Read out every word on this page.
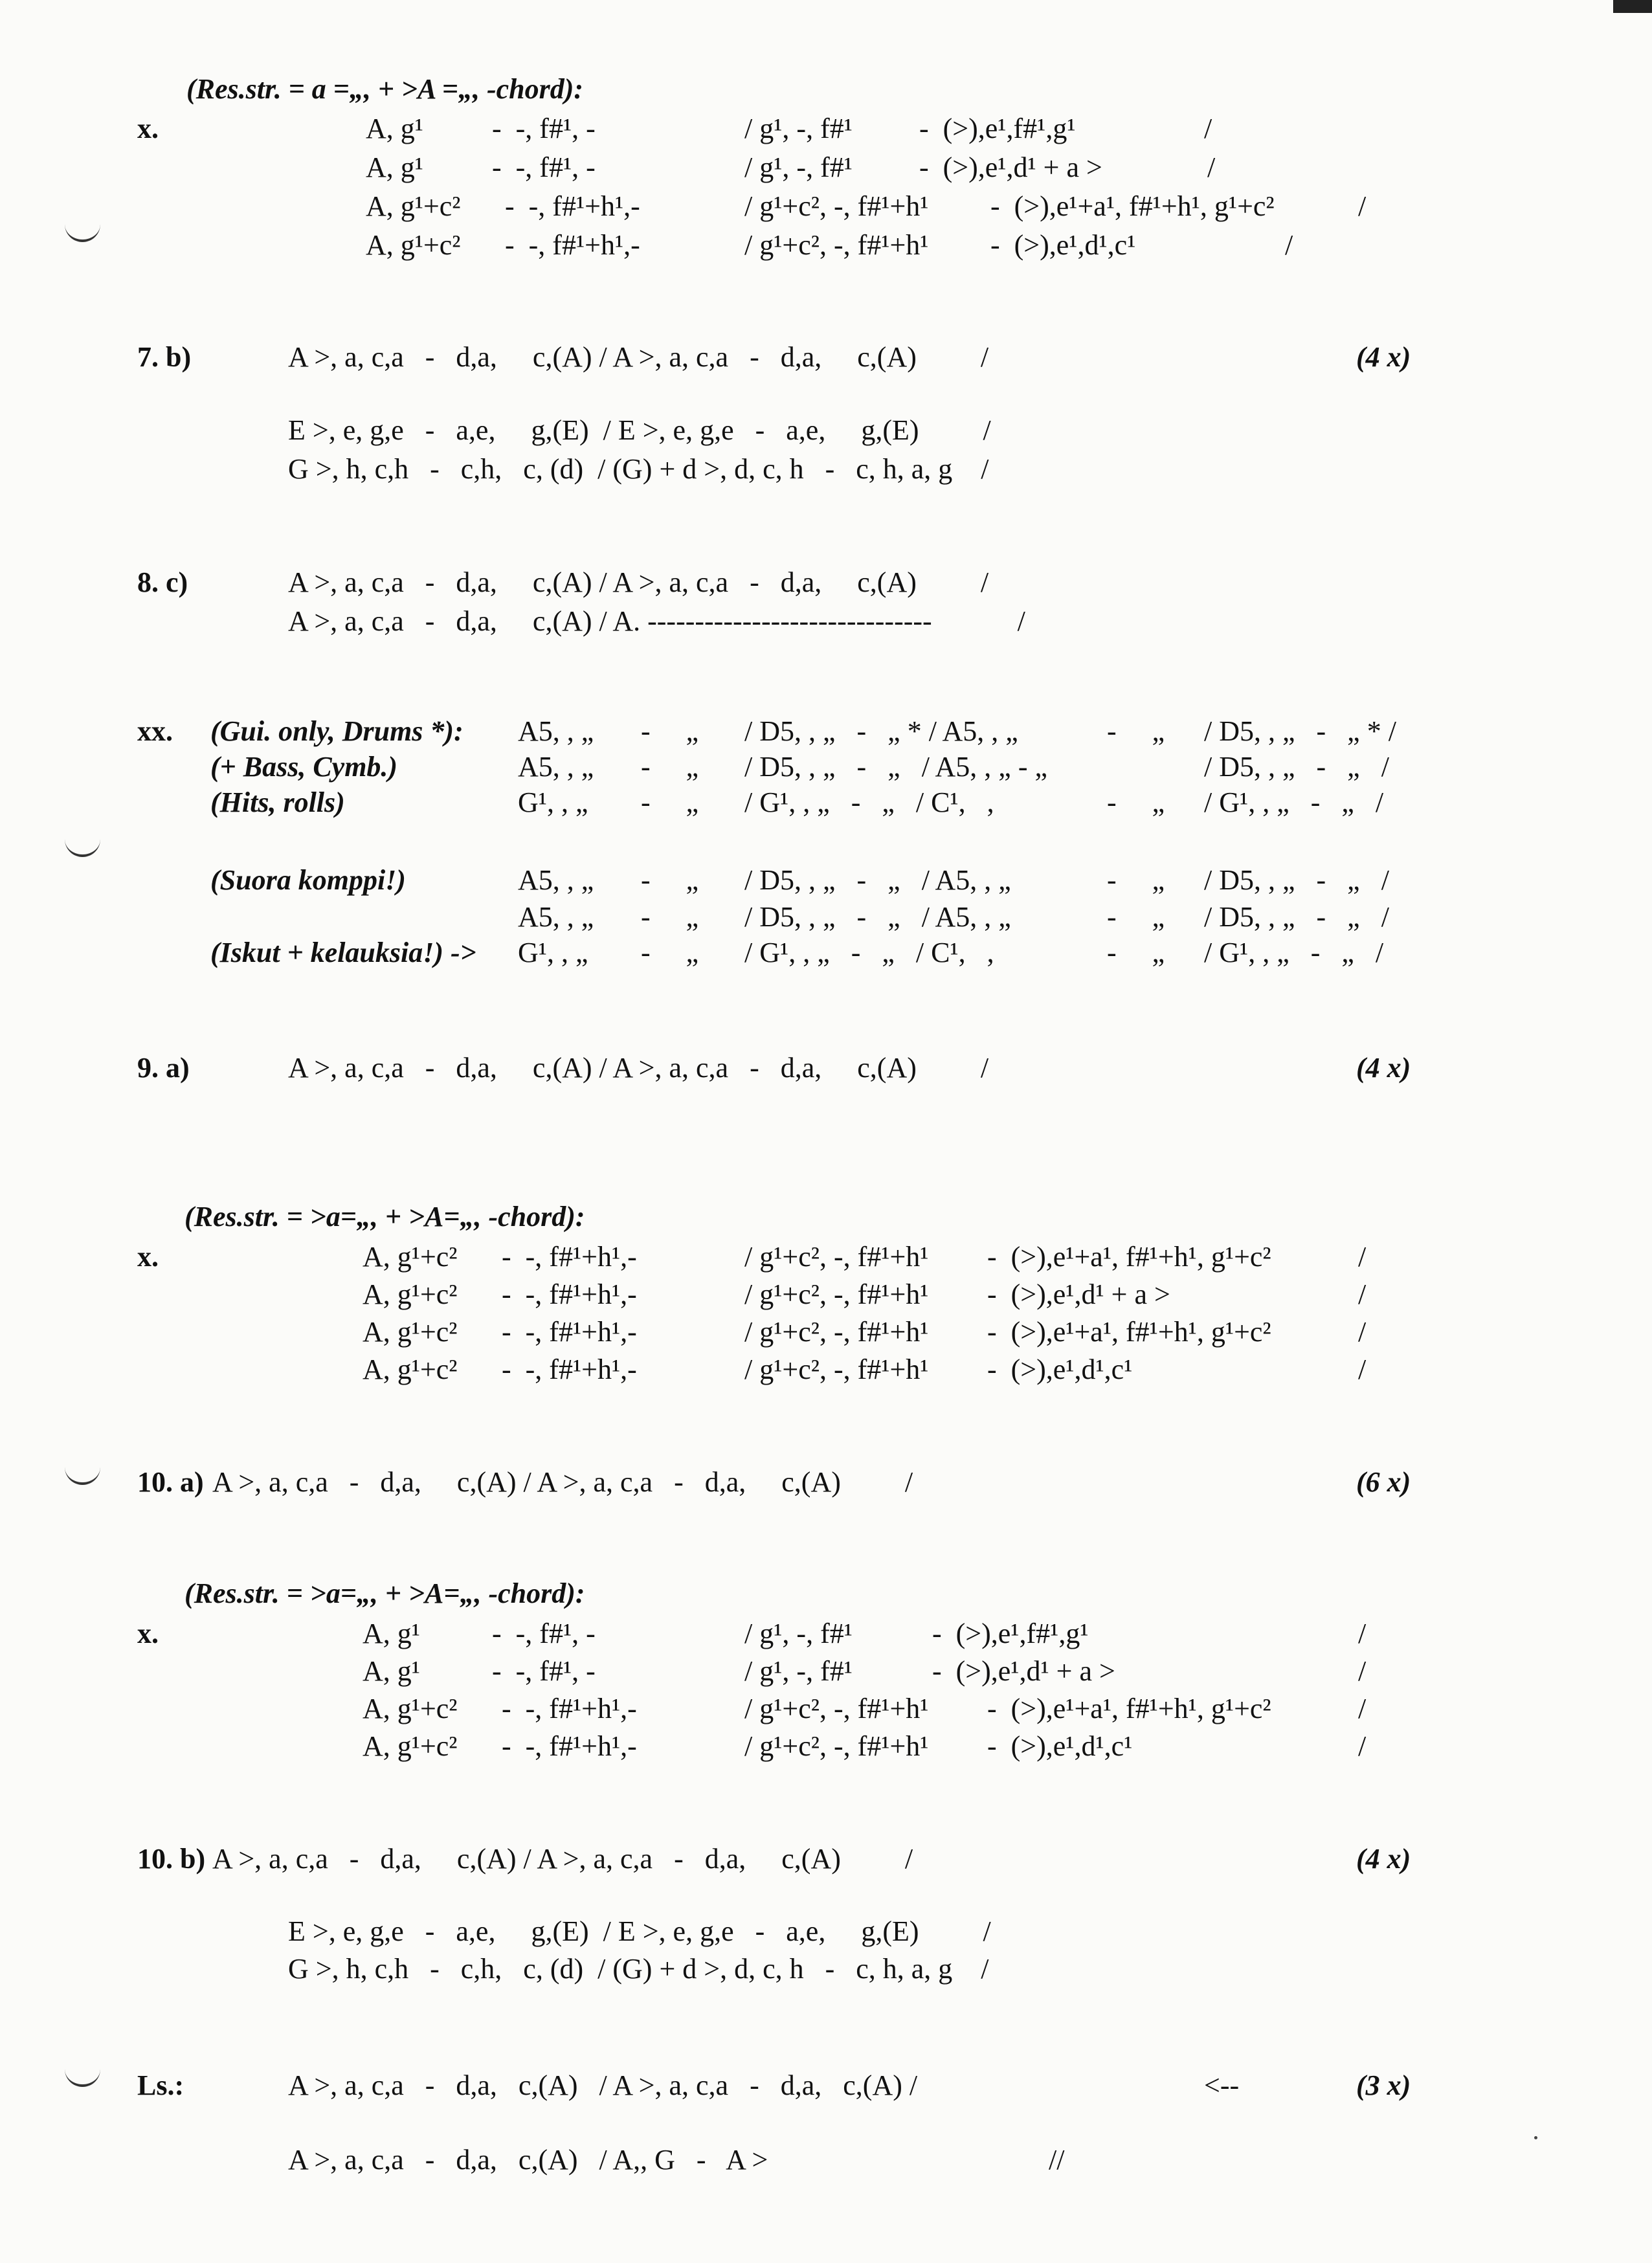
(Res.str. = a =„, + >A =„, -chord):
x.	A, g¹ -  -, f#¹, -	/ g¹, -, f#¹ -  (>),e¹,f#¹,g¹	/
A, g¹ -  -, f#¹, -	/ g¹, -, f#¹ -  (>),e¹,d¹ + a >	/
A, g¹+c² -  -, f#¹+h¹,-	/ g¹+c², -, f#¹+h¹ -  (>),e¹+a¹, f#¹+h¹, g¹+c²	/
A, g¹+c² -  -, f#¹+h¹,-	/ g¹+c², -, f#¹+h¹ -  (>),e¹,d¹,c¹	/
7. b)	A >, a, c,a   -   d,a,     c,(A) / A >, a, c,a   -   d,a,     c,(A)         /	(4 x)
E >, e, g,e   -   a,e,     g,(E)  / E >, e, g,e   -   a,e,     g,(E)         /
G >, h, c,h   -   c,h,   c, (d)  / (G) + d >, d, c, h   -   c, h, a, g    /
8. c)	A >, a, c,a   -   d,a,     c,(A) / A >, a, c,a   -   d,a,     c,(A)         /
A >, a, c,a   -   d,a,     c,(A) / A. ------------------------------            /
xx. (Gui. only, Drums *): A5, , „ -     „ / D5, , „   -   „ * / A5, , „	-     „ / D5, , „   -   „ * /
(+ Bass, Cymb.)	A5, , „ -     „ / D5, , „   -   „   / A5, , „ - „	/ D5, , „   -   „   /
(Hits, rolls)	G¹, , „ -     „ / G¹, , „   -   „   / C¹,   ,	-     „ / G¹, , „   -   „   /
(Suora komppi!)	A5, , „ -     „ / D5, , „   -   „   / A5, , „	-     „ / D5, , „   -   „   /
A5, , „ -     „ / D5, , „   -   „   / A5, , „	-     „ / D5, , „   -   „   /
(Iskut + kelauksia!) -> G¹, , „ -     „ / G¹, , „   -   „   / C¹,   ,	-     „ / G¹, , „   -   „   /
9. a)	A >, a, c,a   -   d,a,     c,(A) / A >, a, c,a   -   d,a,     c,(A)         /	(4 x)
(Res.str. = >a=„, + >A=„, -chord):
x.	A, g¹+c² -  -, f#¹+h¹,-	/ g¹+c², -, f#¹+h¹ -  (>),e¹+a¹, f#¹+h¹, g¹+c²	/
A, g¹+c² -  -, f#¹+h¹,-	/ g¹+c², -, f#¹+h¹ -  (>),e¹,d¹ + a >	/
A, g¹+c² -  -, f#¹+h¹,-	/ g¹+c², -, f#¹+h¹ -  (>),e¹+a¹, f#¹+h¹, g¹+c²	/
A, g¹+c² -  -, f#¹+h¹,-	/ g¹+c², -, f#¹+h¹ -  (>),e¹,d¹,c¹	/
10. a) A >, a, c,a   -   d,a,     c,(A) / A >, a, c,a   -   d,a,     c,(A)         /	(6 x)
(Res.str. = >a=„, + >A=„, -chord):
x.	A, g¹	-  -, f#¹, -	/ g¹, -, f#¹	-  (>),e¹,f#¹,g¹	/
A, g¹	-  -, f#¹, -	/ g¹, -, f#¹	-  (>),e¹,d¹ + a >	/
A, g¹+c² -  -, f#¹+h¹,-	/ g¹+c², -, f#¹+h¹ -  (>),e¹+a¹, f#¹+h¹, g¹+c²	/
A, g¹+c² -  -, f#¹+h¹,-	/ g¹+c², -, f#¹+h¹ -  (>),e¹,d¹,c¹	/
10. b) A >, a, c,a   -   d,a,     c,(A) / A >, a, c,a   -   d,a,     c,(A)         /	(4 x)
E >, e, g,e   -   a,e,     g,(E)  / E >, e, g,e   -   a,e,     g,(E)         /
G >, h, c,h   -   c,h,   c, (d)  / (G) + d >, d, c, h   -   c, h, a, g    /
Ls.:	A >, a, c,a   -   d,a,   c,(A)   / A >, a, c,a   -   d,a,   c,(A) /	<--	(3 x)
A >, a, c,a   -   d,a,   c,(A)   / A,, G   -   A >	//
